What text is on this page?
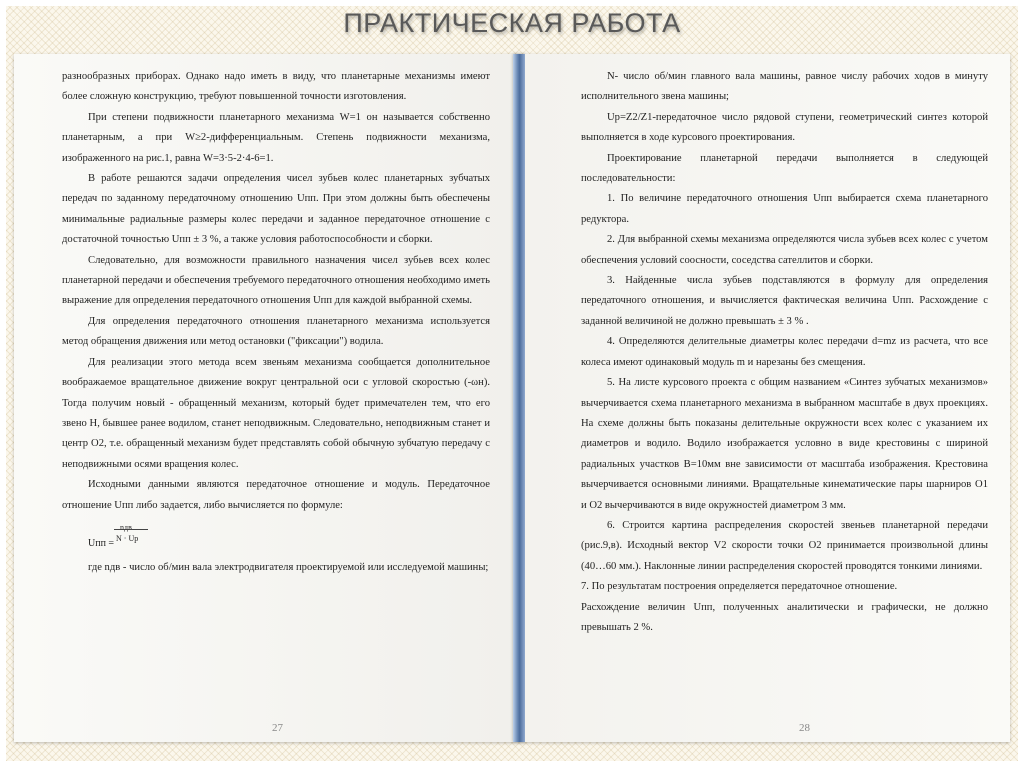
ПРАКТИЧЕСКАЯ РАБОТА

разнообразных приборах. Однако надо иметь в виду, что планетарные механизмы имеют более сложную конструкцию, требуют повышенной точности изготовления.

При степени подвижности планетарного механизма W=1 он называется собственно планетарным, а при W≥2-дифференциальным. Степень подвижности механизма, изображенного на рис.1, равна W=3·5-2·4-6=1.

В работе решаются задачи определения чисел зубьев колес планетарных зубчатых передач по заданному передаточному отношению Uпп. При этом должны быть обеспечены минимальные радиальные размеры колес передачи и заданное передаточное отношение с достаточной точностью Uпп ± 3 %, а также условия работоспособности и сборки.

Следовательно, для возможности правильного назначения чисел зубьев всех колес планетарной передачи и обеспечения требуемого передаточного отношения необходимо иметь выражение для определения передаточного отношения Uпп для каждой выбранной схемы.

Для определения передаточного отношения планетарного механизма используется метод обращения движения или метод остановки ("фиксации") водила.

Для реализации этого метода всем звеньям механизма сообщается дополнительное воображаемое вращательное движение вокруг центральной оси с угловой скоростью (-ωн). Тогда получим новый - обращенный механизм, который будет примечателен тем, что его звено Н, бывшее ранее водилом, станет неподвижным. Следовательно, неподвижным станет и центр О2, т.е. обращенный механизм будет представлять собой обычную зубчатую передачу с неподвижными осями вращения колес.

Исходными данными являются передаточное отношение и модуль. Передаточное отношение Uпп либо задается, либо вычисляется по формуле:

Uпп =
nдв
N · Uр

где nдв - число об/мин вала электродвигателя проектируемой или исследуемой машины;

27

N- число об/мин главного вала машины, равное числу рабочих ходов в минуту исполнительного звена машины;

Uр=Z2/Z1-передаточное число рядовой ступени, геометрический синтез которой выполняется в ходе курсового проектирования.

Проектирование планетарной передачи выполняется в следующей последовательности:

1. По величине передаточного отношения Uпп выбирается схема планетарного редуктора.

2. Для выбранной схемы механизма определяются числа зубьев всех колес с учетом обеспечения условий соосности, соседства сателлитов и сборки.

3. Найденные числа зубьев подставляются в формулу для определения передаточного отношения, и вычисляется фактическая величина Uпп. Расхождение с заданной величиной не должно превышать ± 3 % .

4. Определяются делительные диаметры колес передачи d=mz из расчета, что все колеса имеют одинаковый модуль m и нарезаны без смещения.

5. На листе курсового проекта с общим названием «Синтез зубчатых механизмов» вычерчивается схема планетарного механизма в выбранном масштабе в двух проекциях. На схеме должны быть показаны делительные окружности всех колес с указанием их диаметров и водило. Водило изображается условно в виде крестовины с шириной радиальных участков В=10мм вне зависимости от масштаба изображения. Крестовина вычерчивается основными линиями. Вращательные кинематические пары шарниров О1 и О2 вычерчиваются в виде окружностей диаметром 3 мм.

6. Строится картина распределения скоростей звеньев планетарной передачи (рис.9,в). Исходный вектор V2 скорости точки О2 принимается произвольной длины (40…60 мм.). Наклонные линии распределения скоростей проводятся тонкими линиями.

7. По результатам построения определяется передаточное отношение.

Расхождение величин Uпп, полученных аналитически и графически, не должно превышать 2 %.

28
